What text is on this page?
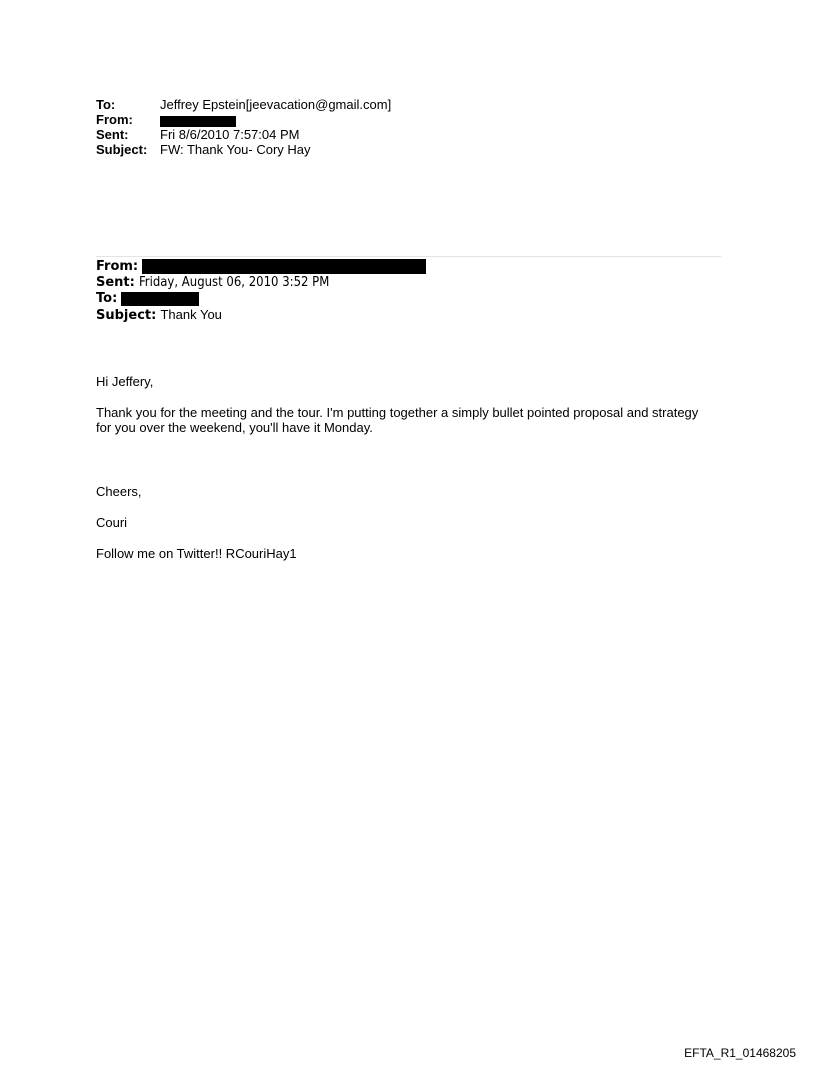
To:	Jeffrey Epstein[jeevacation@gmail.com]
From:
Sent:	Fri 8/6/2010 7:57:04 PM
Subject: FW: Thank You- Cory Hay
From:
Sent: Friday, August 06, 2010 3:52 PM
To:
Subject: Thank You
Hi Jeffery,
Thank you for the meeting and the tour. I'm putting together a simply bullet pointed proposal and strategy
for you over the weekend, you'll have it Monday.
Cheers,
Couri
Follow me on Twitter!! RCouriHay1
EFTA_R1_01468205
